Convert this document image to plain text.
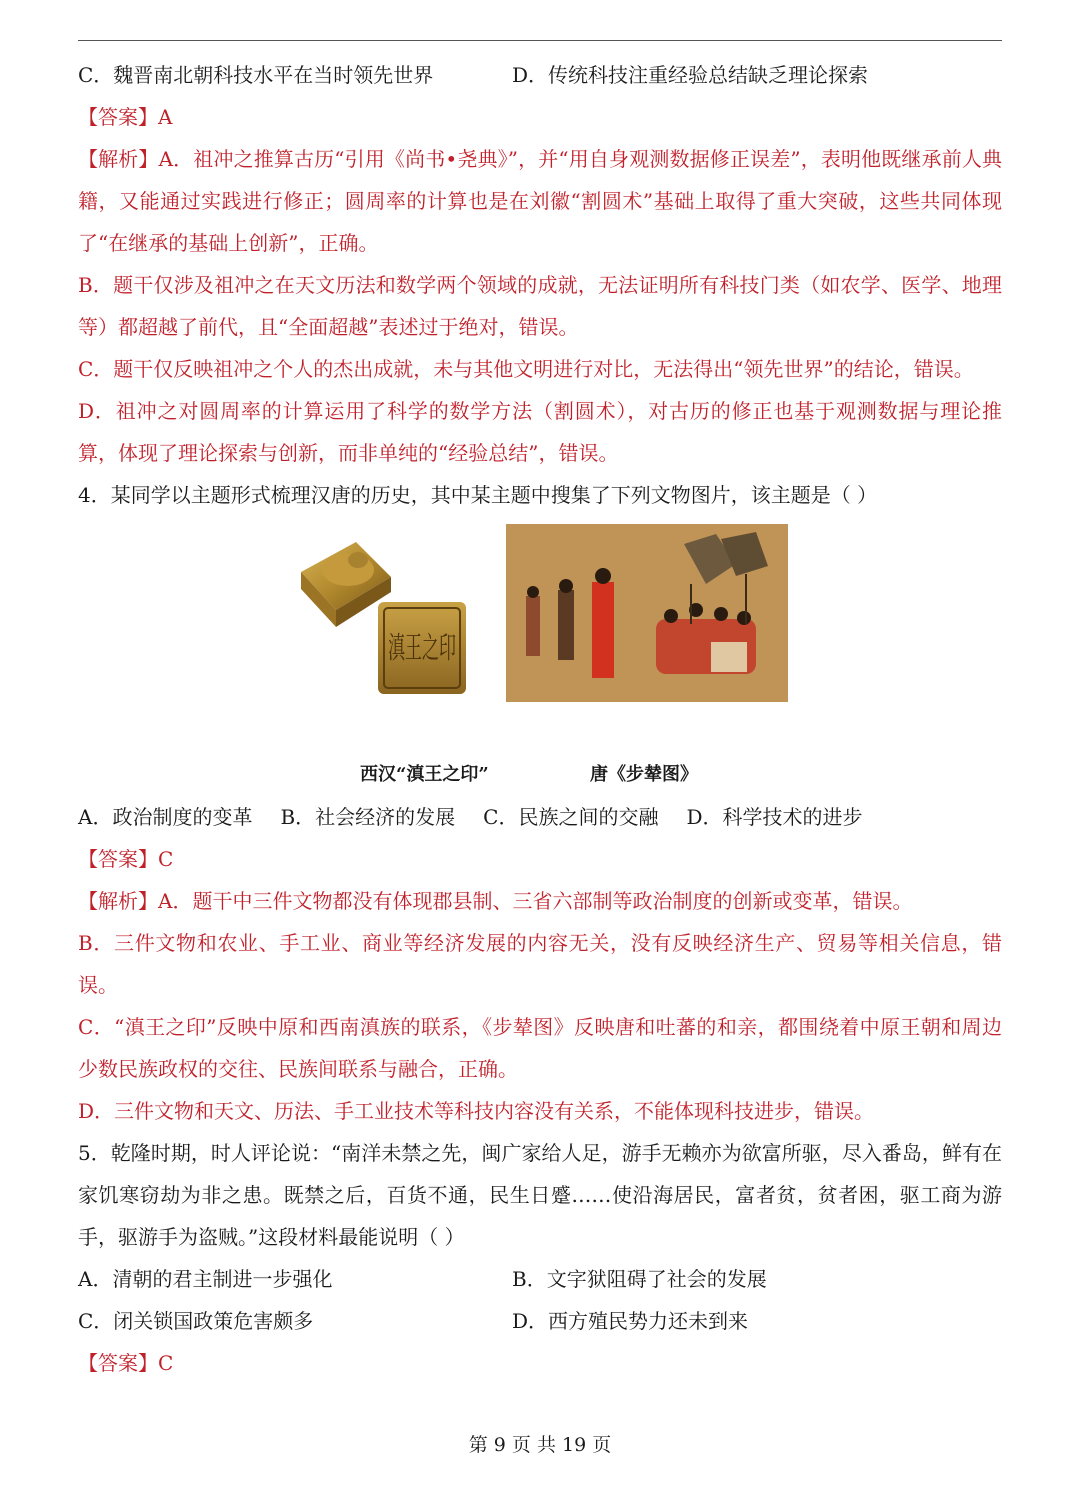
C．魏晋南北朝科技水平在当时领先世界	D．传统科技注重经验总结缺乏理论探索
【答案】A
【解析】A．祖冲之推算古历“引用《尚书•尧典》”，并“用自身观测数据修正误差”，表明他既继承前人典籍，又能通过实践进行修正；圆周率的计算也是在刘徽“割圆术”基础上取得了重大突破，这些共同体现了“在继承的基础上创新”，正确。
B．题干仅涉及祖冲之在天文历法和数学两个领域的成就，无法证明所有科技门类（如农学、医学、地理等）都超越了前代，且“全面超越”表述过于绝对，错误。
C．题干仅反映祖冲之个人的杰出成就，未与其他文明进行对比，无法得出“领先世界”的结论，错误。
D．祖冲之对圆周率的计算运用了科学的数学方法（割圆术），对古历的修正也基于观测数据与理论推算，体现了理论探索与创新，而非单纯的“经验总结”，错误。
4．某同学以主题形式梳理汉唐的历史，其中某主题中搜集了下列文物图片，该主题是（ ）
滇王之印
西汉“滇王之印”	唐《步辇图》
A．政治制度的变革 B．社会经济的发展 C．民族之间的交融 D．科学技术的进步
【答案】C
【解析】A．题干中三件文物都没有体现郡县制、三省六部制等政治制度的创新或变革，错误。
B．三件文物和农业、手工业、商业等经济发展的内容无关，没有反映经济生产、贸易等相关信息，错误。
C．“滇王之印”反映中原和西南滇族的联系，《步辇图》反映唐和吐蕃的和亲，都围绕着中原王朝和周边少数民族政权的交往、民族间联系与融合，正确。
D．三件文物和天文、历法、手工业技术等科技内容没有关系，不能体现科技进步，错误。
5．乾隆时期，时人评论说：“南洋未禁之先，闽广家给人足，游手无赖亦为欲富所驱，尽入番岛，鲜有在家饥寒窃劫为非之患。既禁之后，百货不通，民生日蹙……使沿海居民，富者贫，贫者困，驱工商为游手，驱游手为盗贼。”这段材料最能说明（ ）
A．清朝的君主制进一步强化	B．文字狱阻碍了社会的发展
C．闭关锁国政策危害颇多	D．西方殖民势力还未到来
【答案】C
第 9 页 共 19 页
